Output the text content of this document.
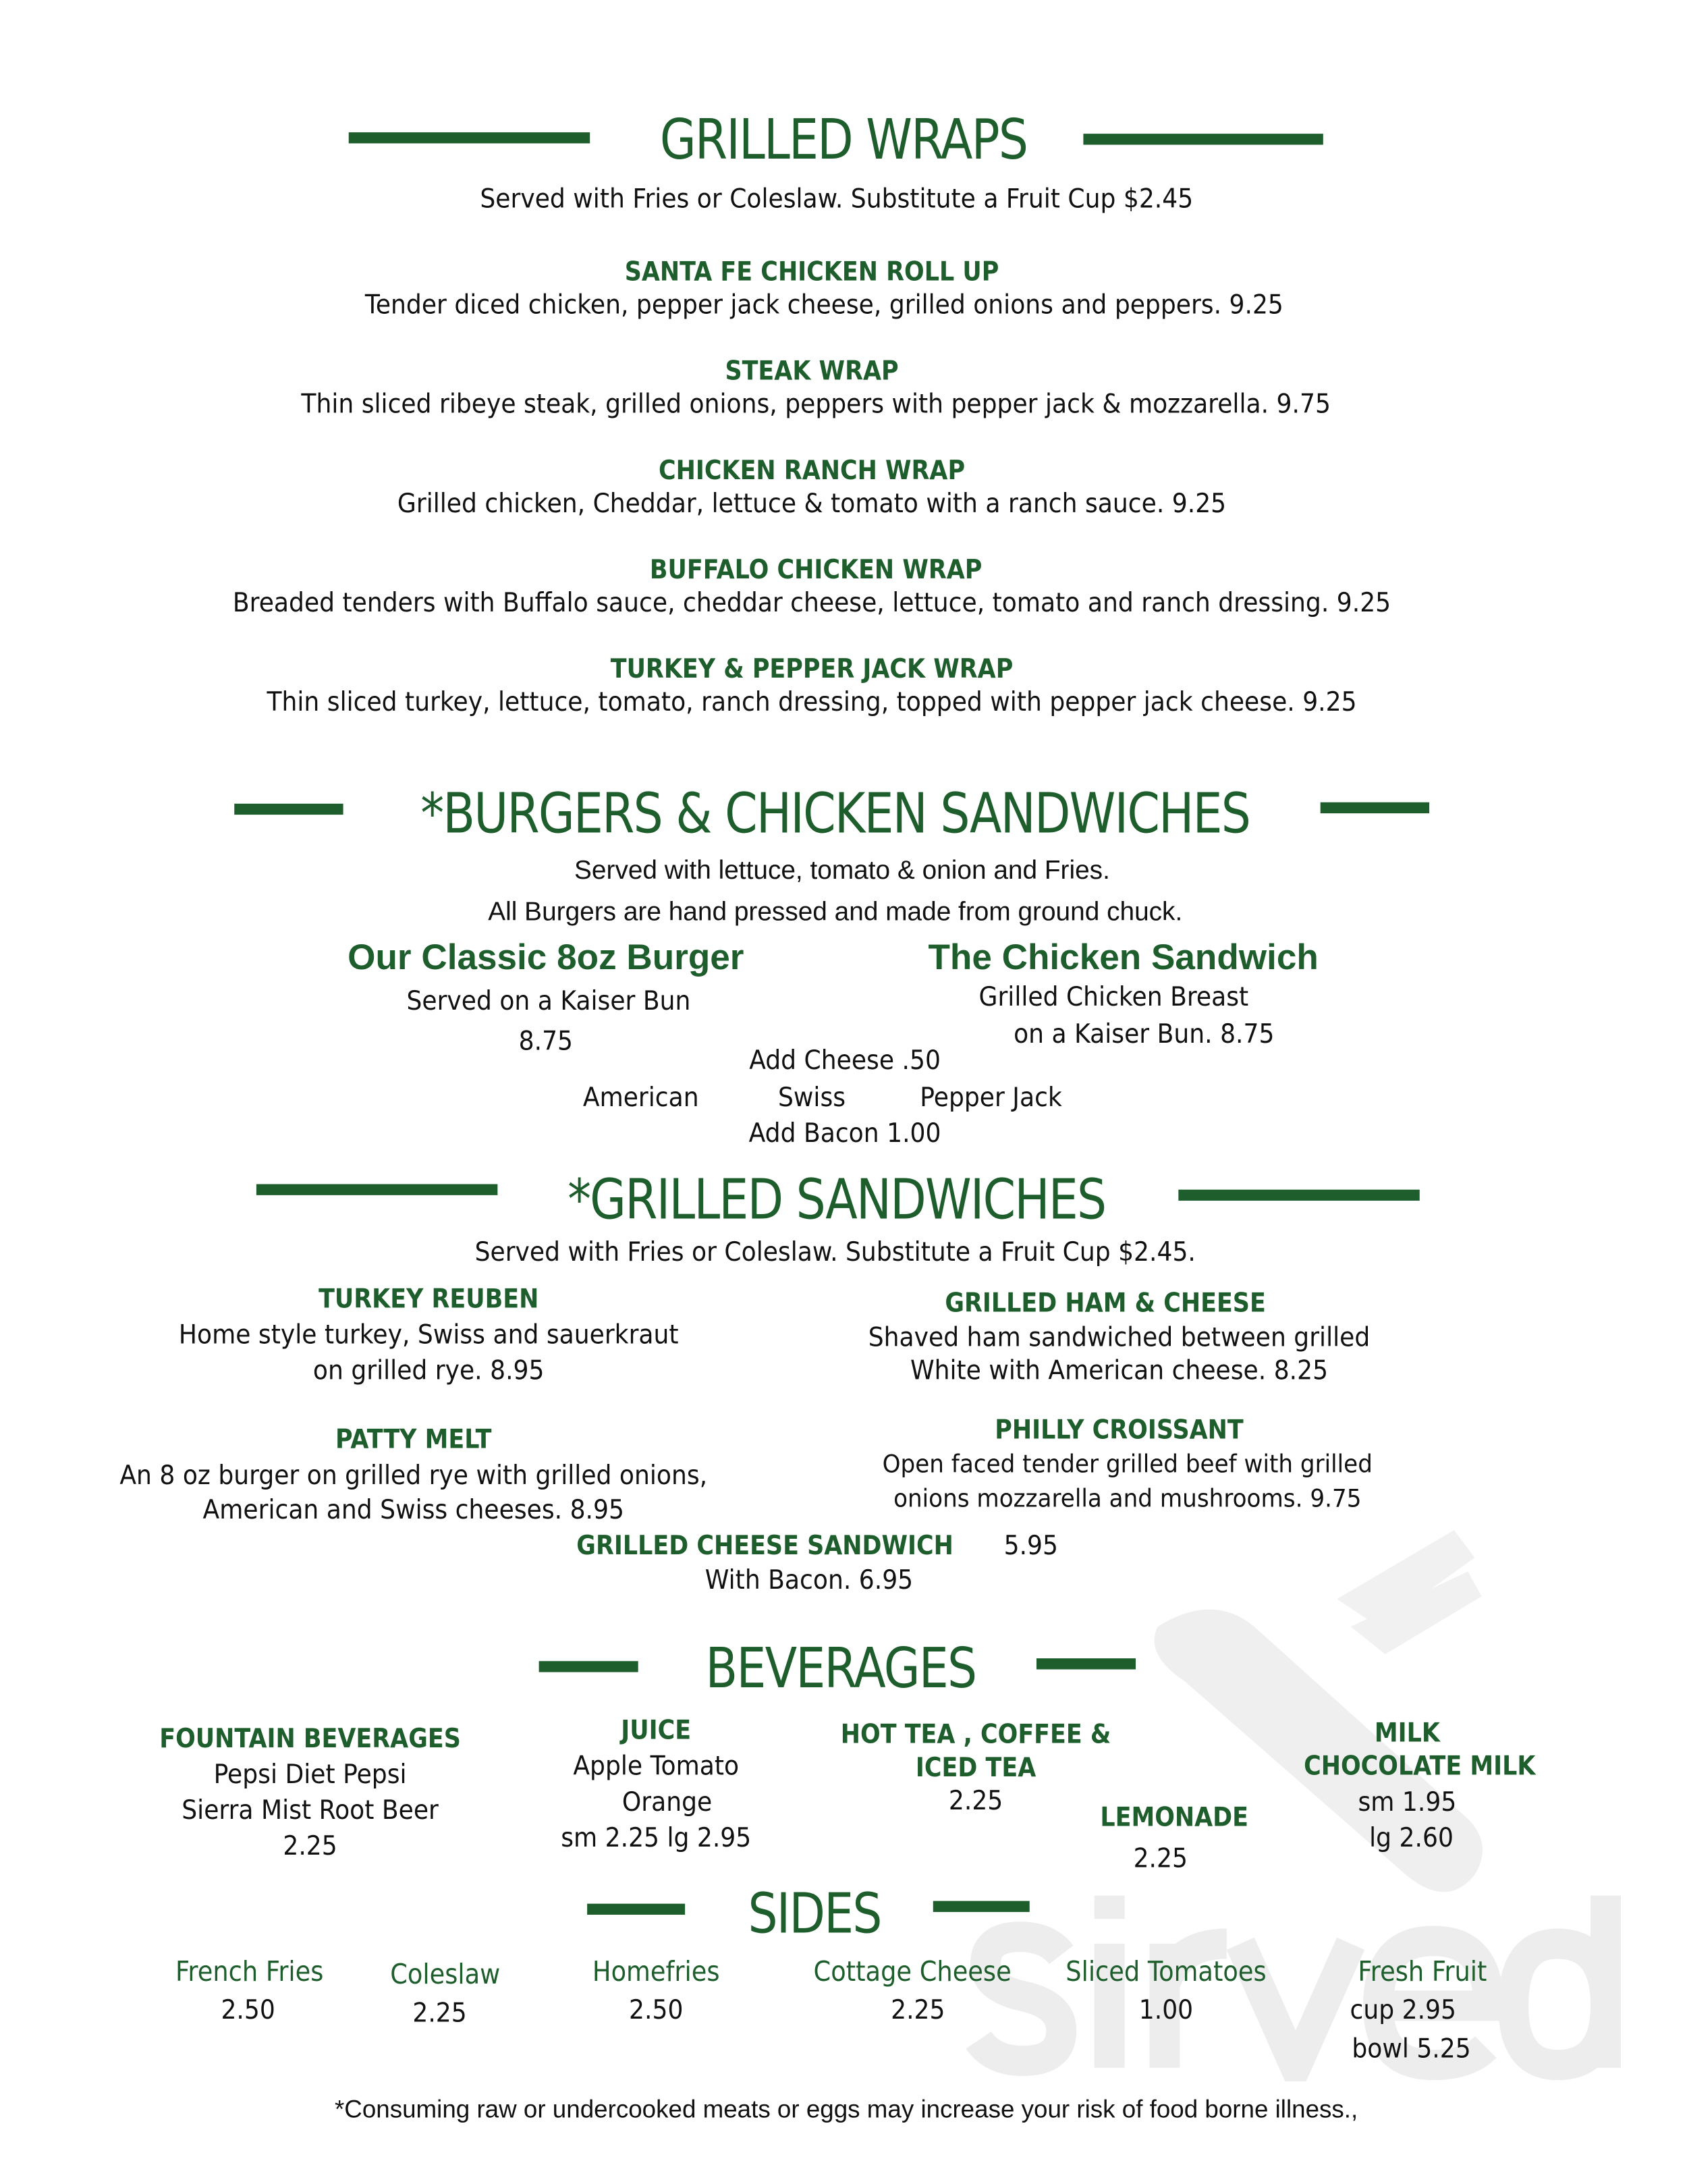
GRILLED WRAPS
Served with Fries or Coleslaw. Substitute a Fruit Cup $2.45
SANTA FE CHICKEN ROLL UP
Tender diced chicken, pepper jack cheese, grilled onions and peppers. 9.25
STEAK WRAP
Thin sliced ribeye steak, grilled onions, peppers with pepper jack & mozzarella. 9.75
CHICKEN RANCH WRAP
Grilled chicken, Cheddar, lettuce & tomato with a ranch sauce. 9.25
BUFFALO CHICKEN WRAP
Breaded tenders with Buffalo sauce, cheddar cheese, lettuce, tomato and ranch dressing. 9.25
TURKEY & PEPPER JACK WRAP
Thin sliced turkey, lettuce, tomato, ranch dressing, topped with pepper jack cheese. 9.25
*BURGERS & CHICKEN SANDWICHES
Served with lettuce, tomato & onion and Fries.
All Burgers are hand pressed and made from ground chuck.
Our Classic 8oz Burger	The Chicken Sandwich
Served on a Kaiser Bun
8.75
Grilled Chicken Breast
on a Kaiser Bun. 8.75
Add Cheese .50
American	Swiss	Pepper Jack
Add Bacon 1.00
*GRILLED SANDWICHES
Served with Fries or Coleslaw. Substitute a Fruit Cup $2.45.
TURKEY REUBEN
Home style turkey, Swiss and sauerkraut
on grilled rye. 8.95
GRILLED HAM & CHEESE
Shaved ham sandwiched between grilled
White with American cheese. 8.25
PATTY MELT
An 8 oz burger on grilled rye with grilled onions,
American and Swiss cheeses. 8.95
PHILLY CROISSANT
Open faced tender grilled beef with grilled
onions mozzarella and mushrooms. 9.75
GRILLED CHEESE SANDWICH	5.95
With Bacon. 6.95
BEVERAGES
FOUNTAIN BEVERAGES
Pepsi Diet Pepsi
Sierra Mist Root Beer
2.25
JUICE
Apple Tomato
Orange
sm 2.25 lg 2.95
HOT TEA , COFFEE &
ICED TEA
2.25
LEMONADE
2.25
MILK
CHOCOLATE MILK
sm 1.95
lg 2.60
SIDES
French Fries
2.50
Coleslaw
2.25
Homefries
2.50
Cottage Cheese
2.25
Sliced Tomatoes
1.00
Fresh Fruit
cup 2.95
bowl 5.25
*Consuming raw or undercooked meats or eggs may increase your risk of food borne illness.,
